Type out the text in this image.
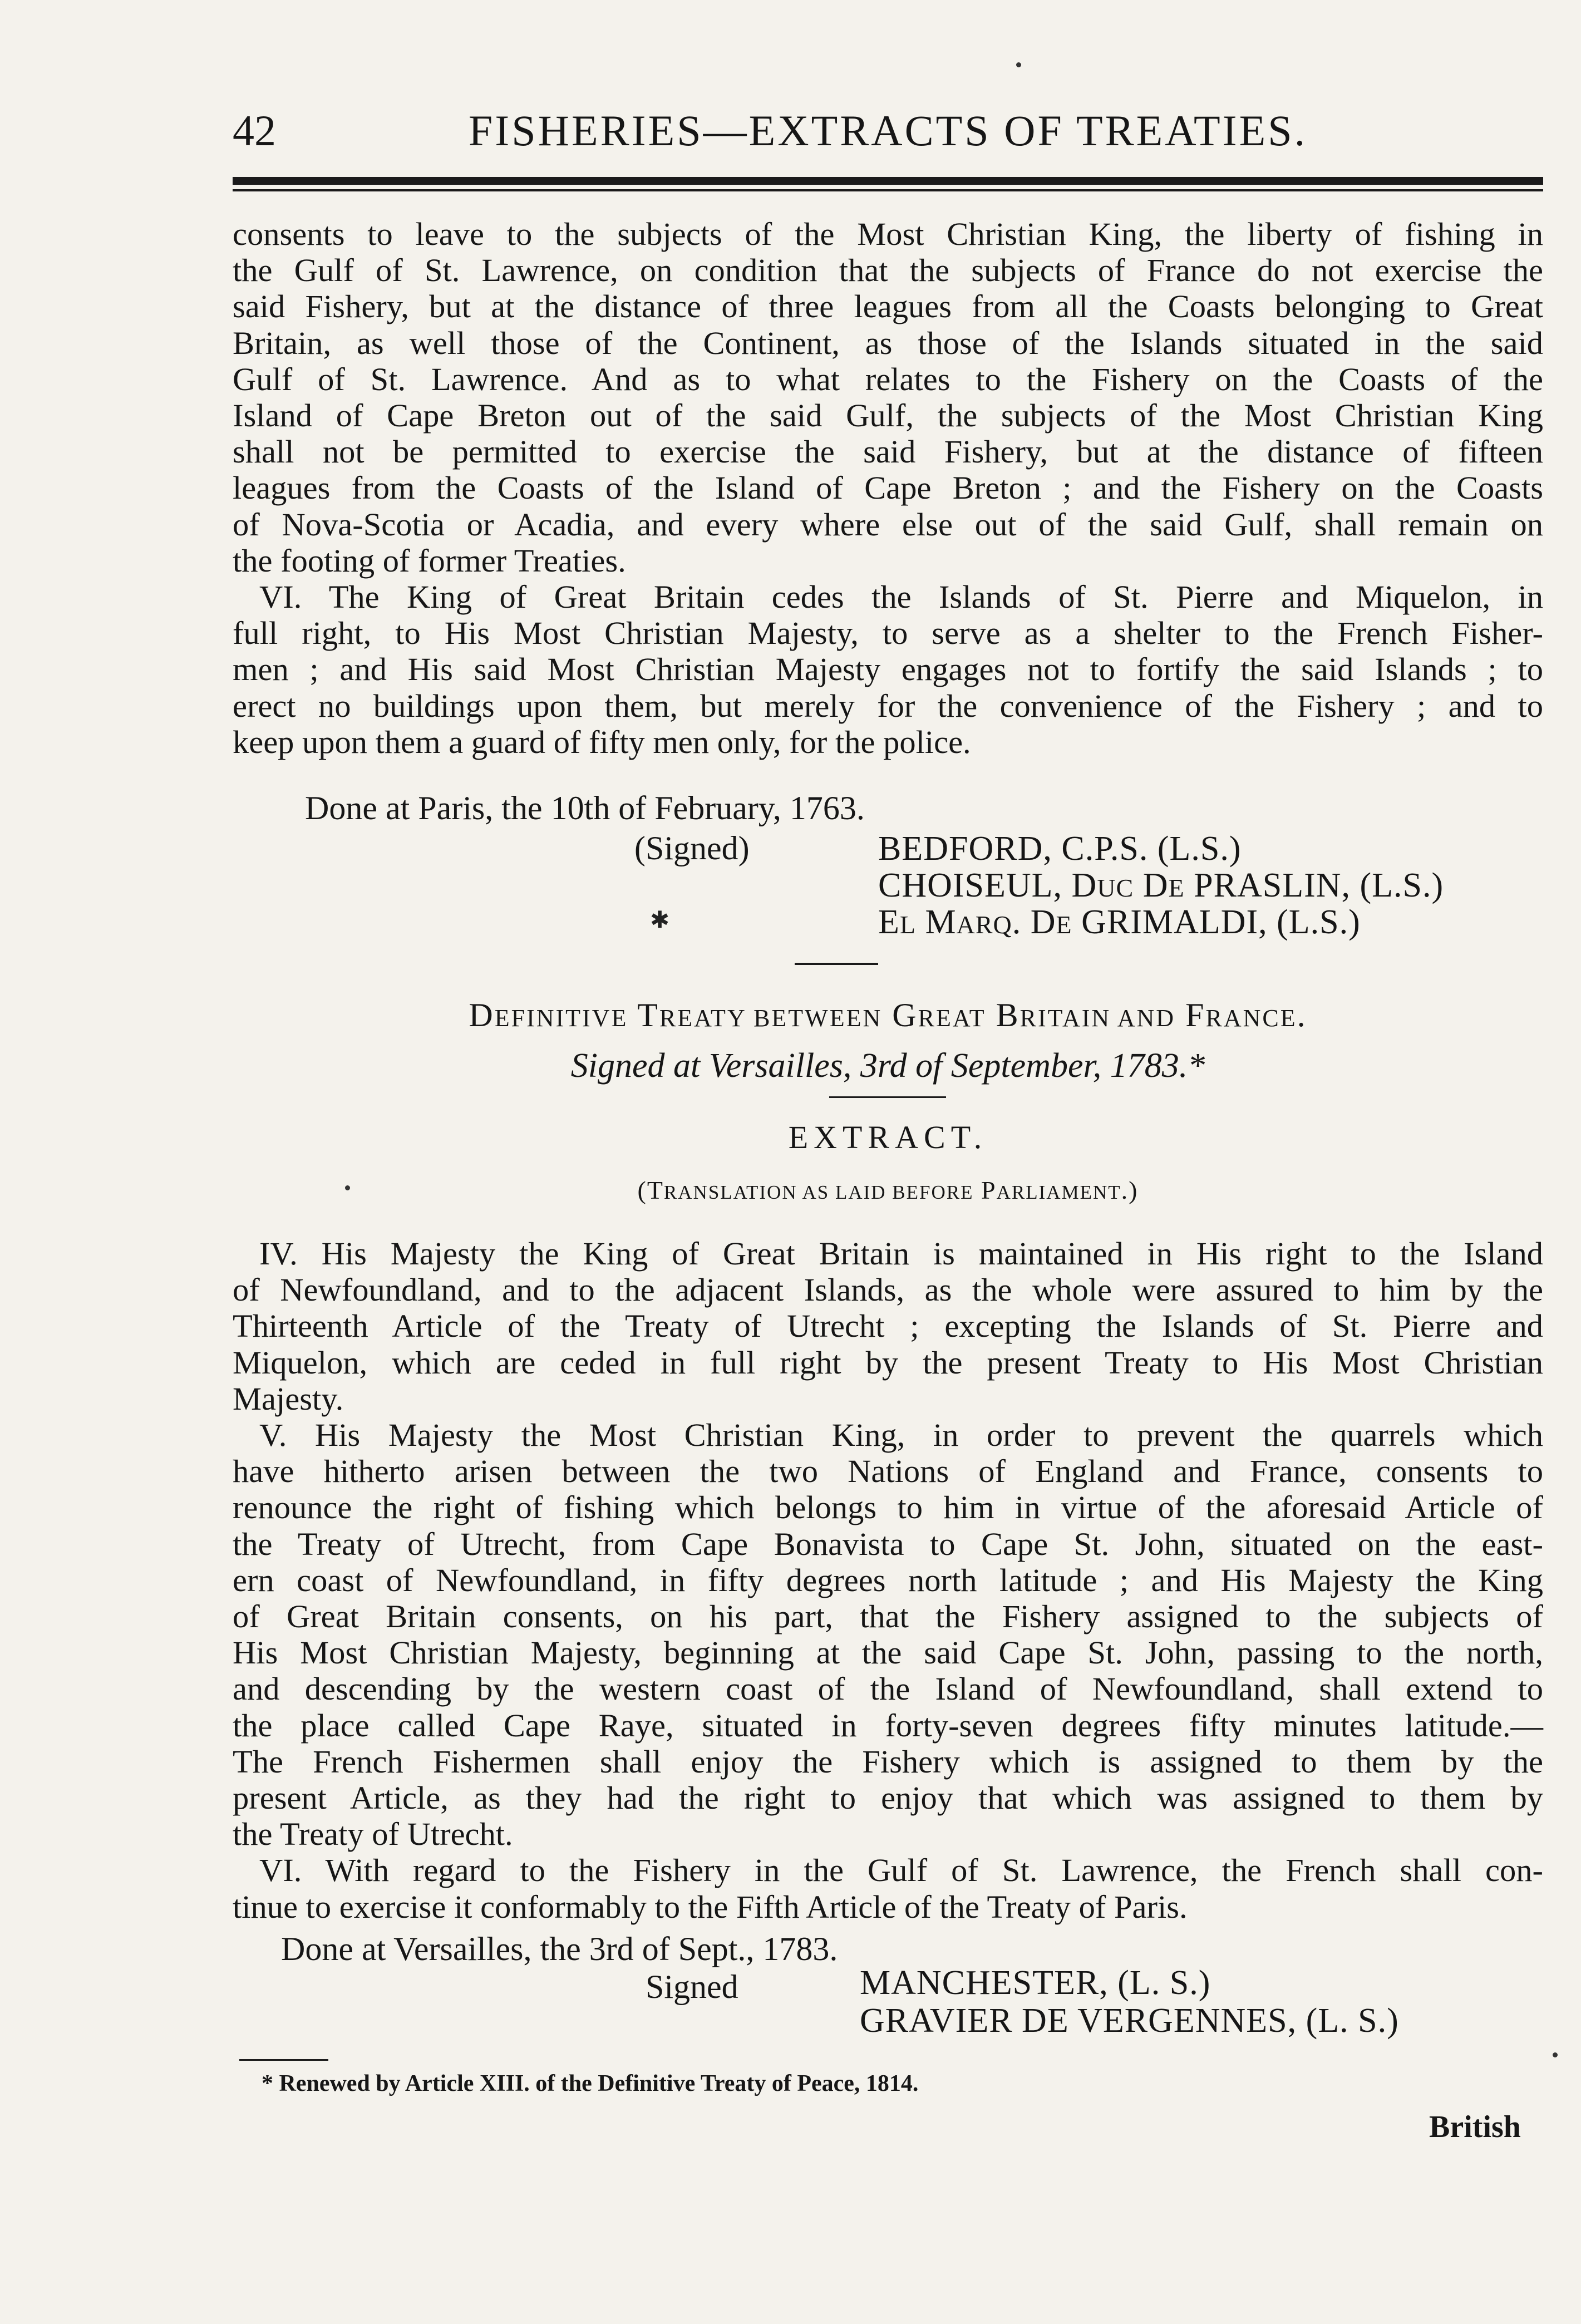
42	FISHERIES—EXTRACTS OF TREATIES.

consents to leave to the subjects of the Most Christian King, the liberty of fishing in

the Gulf of St. Lawrence, on condition that the subjects of France do not exercise the

said Fishery, but at the distance of three leagues from all the Coasts belonging to Great

Britain, as well those of the Continent, as those of the Islands situated in the said

Gulf of St. Lawrence. And as to what relates to the Fishery on the Coasts of the

Island of Cape Breton out of the said Gulf, the subjects of the Most Christian King

shall not be permitted to exercise the said Fishery, but at the distance of fifteen

leagues from the Coasts of the Island of Cape Breton ; and the Fishery on the Coasts

of Nova-Scotia or Acadia, and every where else out of the said Gulf, shall remain on

the footing of former Treaties.

VI. The King of Great Britain cedes the Islands of St. Pierre and Miquelon, in

full right, to His Most Christian Majesty, to serve as a shelter to the French Fisher-

men ; and His said Most Christian Majesty engages not to fortify the said Islands ; to

erect no buildings upon them, but merely for the convenience of the Fishery ; and to

keep upon them a guard of fifty men only, for the police.

Done at Paris, the 10th of February, 1763.
(Signed)	BEDFORD, C.P.S. (L.S.)
CHOISEUL, DUC DE PRASLIN, (L.S.)
EL MARQ. DE GRIMALDI, (L.S.)
✱
DEFINITIVE TREATY BETWEEN GREAT BRITAIN AND FRANCE.
Signed at Versailles, 3rd of September, 1783.*
EXTRACT.
(TRANSLATION AS LAID BEFORE PARLIAMENT.)

IV. His Majesty the King of Great Britain is maintained in His right to the Island

of Newfoundland, and to the adjacent Islands, as the whole were assured to him by the

Thirteenth Article of the Treaty of Utrecht ; excepting the Islands of St. Pierre and

Miquelon, which are ceded in full right by the present Treaty to His Most Christian

Majesty.

V. His Majesty the Most Christian King, in order to prevent the quarrels which

have hitherto arisen between the two Nations of England and France, consents to

renounce the right of fishing which belongs to him in virtue of the aforesaid Article of

the Treaty of Utrecht, from Cape Bonavista to Cape St. John, situated on the east-

ern coast of Newfoundland, in fifty degrees north latitude ; and His Majesty the King

of Great Britain consents, on his part, that the Fishery assigned to the subjects of

His Most Christian Majesty, beginning at the said Cape St. John, passing to the north,

and descending by the western coast of the Island of Newfoundland, shall extend to

the place called Cape Raye, situated in forty-seven degrees fifty minutes latitude.—

The French Fishermen shall enjoy the Fishery which is assigned to them by the

present Article, as they had the right to enjoy that which was assigned to them by

the Treaty of Utrecht.

VI. With regard to the Fishery in the Gulf of St. Lawrence, the French shall con-

tinue to exercise it conformably to the Fifth Article of the Treaty of Paris.

Done at Versailles, the 3rd of Sept., 1783.
Signed	MANCHESTER, (L. S.)
GRAVIER DE VERGENNES, (L. S.)
* Renewed by Article XIII. of the Definitive Treaty of Peace, 1814.
British
